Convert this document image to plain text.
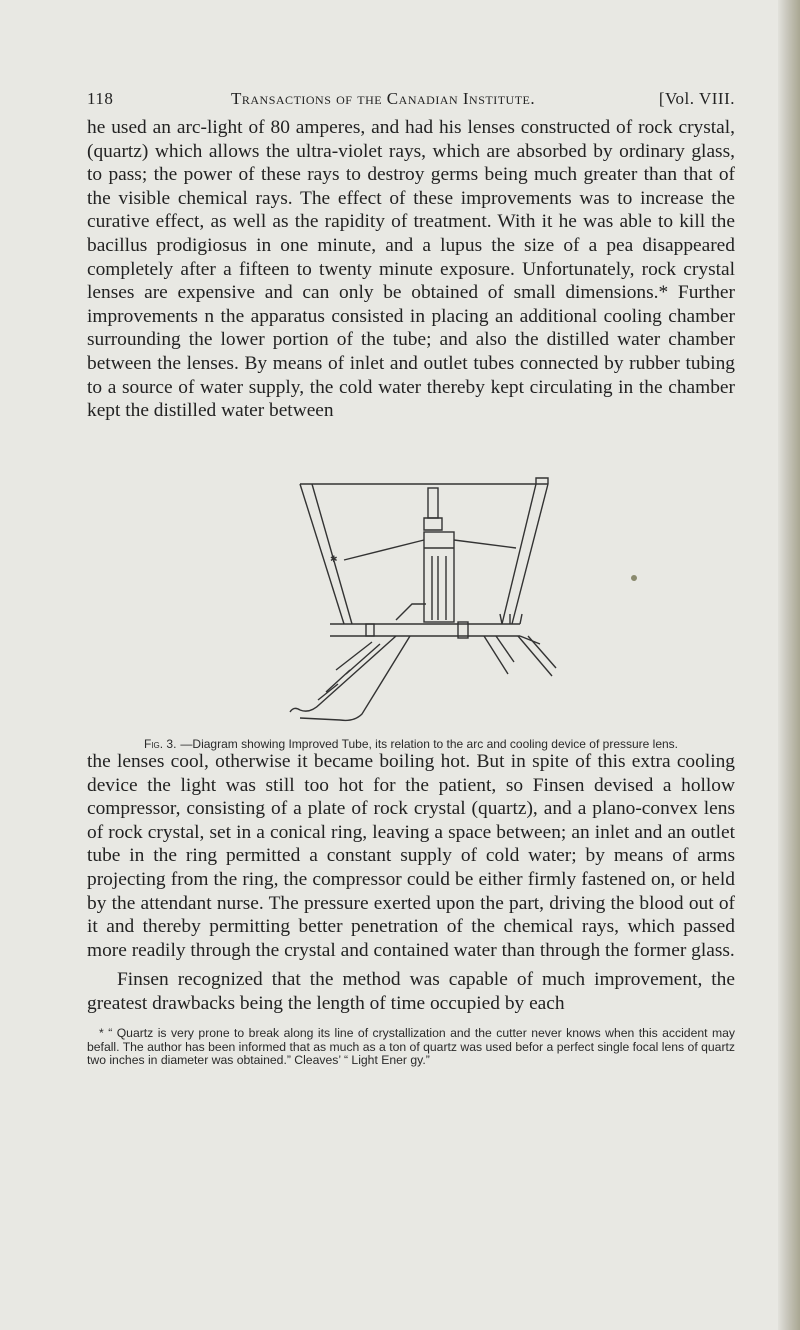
118	Transactions of the Canadian Institute.	[Vol. VIII.

he used an arc-light of 80 amperes, and had his lenses constructed of rock crystal, (quartz) which allows the ultra-violet rays, which are absorbed by ordinary glass, to pass; the power of these rays to destroy germs being much greater than that of the visible chemical rays. The effect of these improvements was to increase the curative effect, as well as the rapidity of treatment. With it he was able to kill the bacillus prodigiosus in one minute, and a lupus the size of a pea disappeared completely after a fifteen to twenty minute exposure. Unfortunately, rock crystal lenses are expensive and can only be obtained of small dimensions.* Further improvements n the apparatus consisted in placing an additional cooling chamber surrounding the lower portion of the tube; and also the distilled water chamber between the lenses. By means of inlet and outlet tubes connected by rubber tubing to a source of water supply, the cold water thereby kept circulating in the chamber kept the distilled water between

✱
Fig. 3. —Diagram showing Improved Tube, its relation to the arc and cooling device of pressure lens.

the lenses cool, otherwise it became boiling hot. But in spite of this extra cooling device the light was still too hot for the patient, so Finsen devised a hollow compressor, consisting of a plate of rock crystal (quartz), and a plano-convex lens of rock crystal, set in a conical ring, leaving a space between; an inlet and an outlet tube in the ring permitted a constant supply of cold water; by means of arms projecting from the ring, the compressor could be either firmly fastened on, or held by the attendant nurse. The pressure exerted upon the part, driving the blood out of it and thereby permitting better penetration of the chemical rays, which passed more readily through the crystal and contained water than through the former glass.

Finsen recognized that the method was capable of much improvement, the greatest drawbacks being the length of time occupied by each

* “ Quartz is very prone to break along its line of crystallization and the cutter never knows when this accident may befall. The author has been informed that as much as a ton of quartz was used befor a perfect single focal lens of quartz two inches in diameter was obtained.” Cleaves’ “ Light Ener gy.”
